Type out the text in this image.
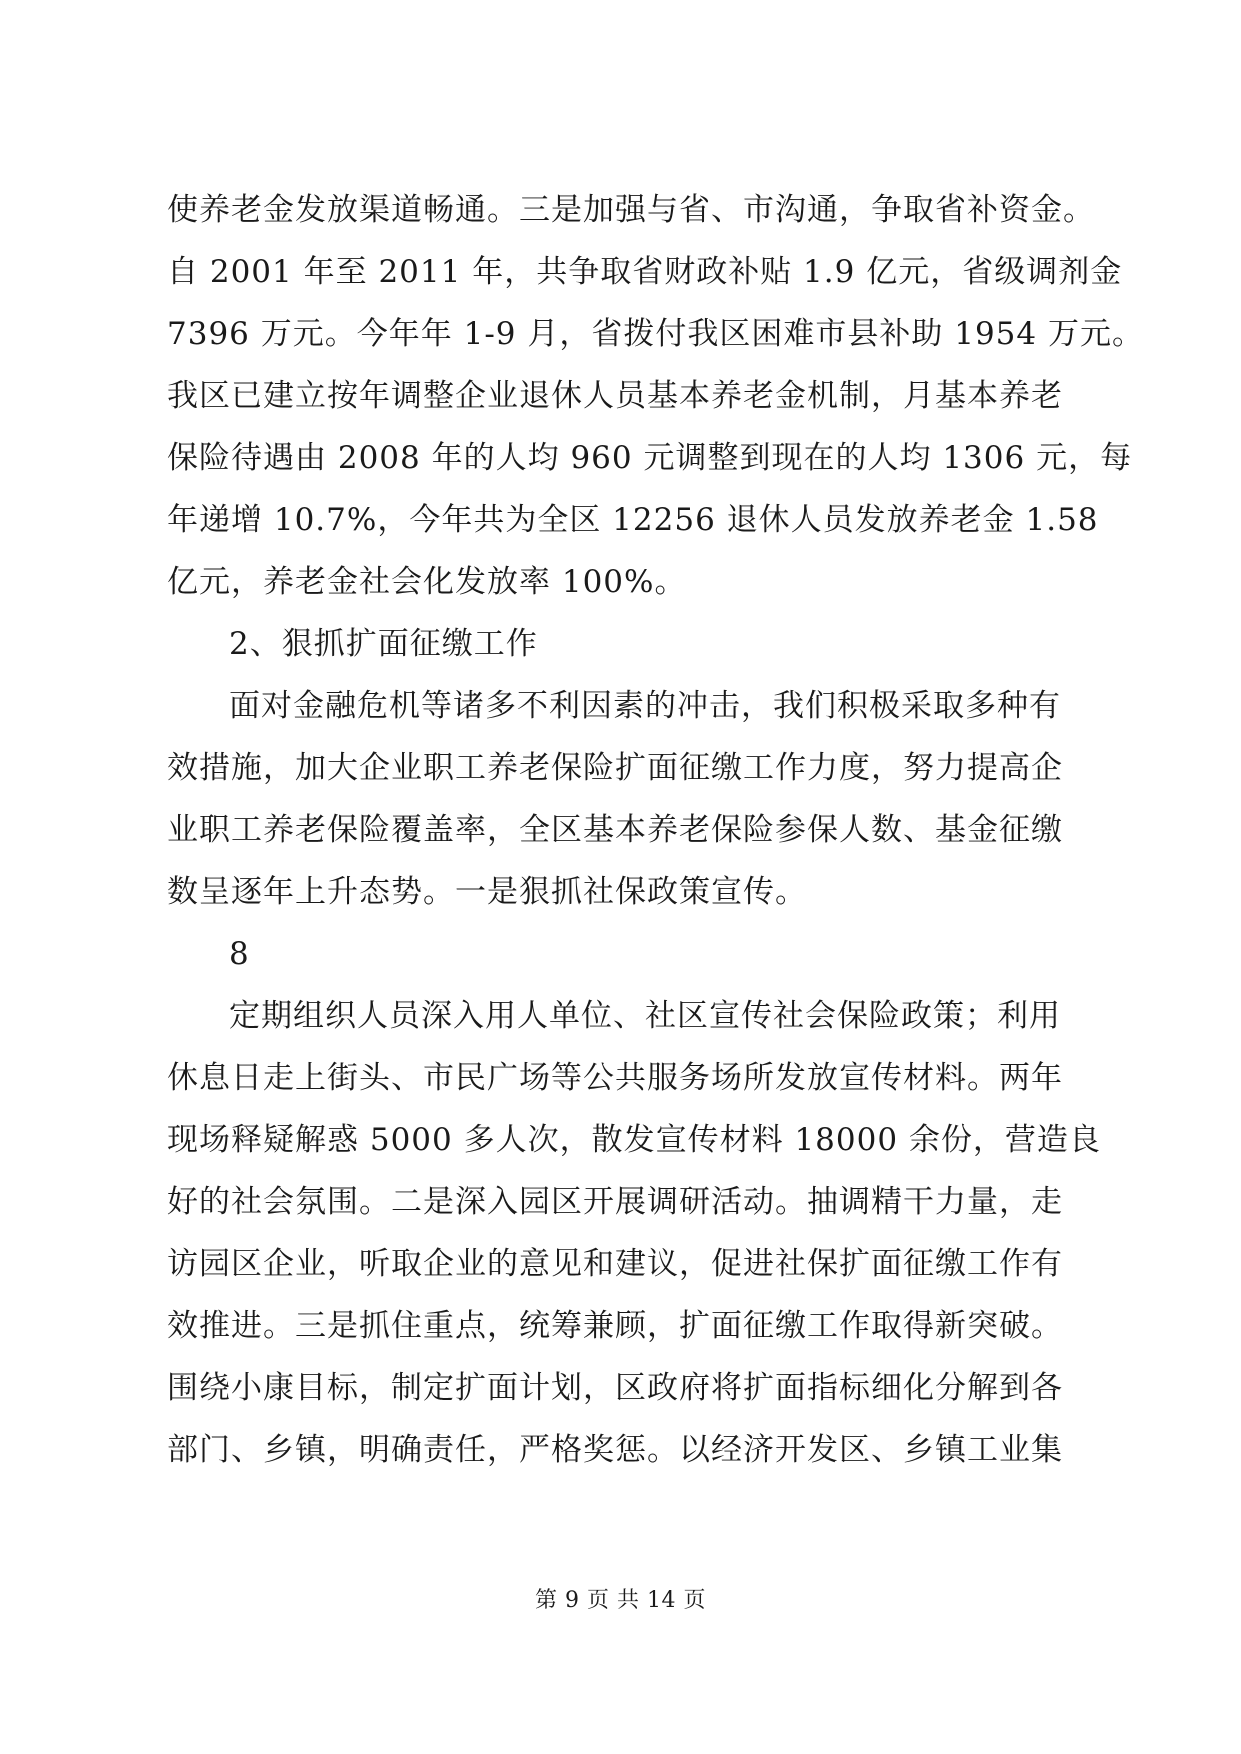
使养老金发放渠道畅通。三是加强与省、市沟通，争取省补资金。
自 2001 年至 2011 年，共争取省财政补贴 1.9 亿元，省级调剂金
7396 万元。今年年 1-9 月，省拨付我区困难市县补助 1954 万元。
我区已建立按年调整企业退休人员基本养老金机制，月基本养老
保险待遇由 2008 年的人均 960 元调整到现在的人均 1306 元，每
年递增 10.7%，今年共为全区 12256 退休人员发放养老金 1.58
亿元，养老金社会化发放率 100%。
2、狠抓扩面征缴工作
面对金融危机等诸多不利因素的冲击，我们积极采取多种有
效措施，加大企业职工养老保险扩面征缴工作力度，努力提高企
业职工养老保险覆盖率，全区基本养老保险参保人数、基金征缴
数呈逐年上升态势。一是狠抓社保政策宣传。
8
定期组织人员深入用人单位、社区宣传社会保险政策；利用
休息日走上街头、市民广场等公共服务场所发放宣传材料。两年
现场释疑解惑 5000 多人次，散发宣传材料 18000 余份，营造良
好的社会氛围。二是深入园区开展调研活动。抽调精干力量，走
访园区企业，听取企业的意见和建议，促进社保扩面征缴工作有
效推进。三是抓住重点，统筹兼顾，扩面征缴工作取得新突破。
围绕小康目标，制定扩面计划，区政府将扩面指标细化分解到各
部门、乡镇，明确责任，严格奖惩。以经济开发区、乡镇工业集
第 9 页 共 14 页
